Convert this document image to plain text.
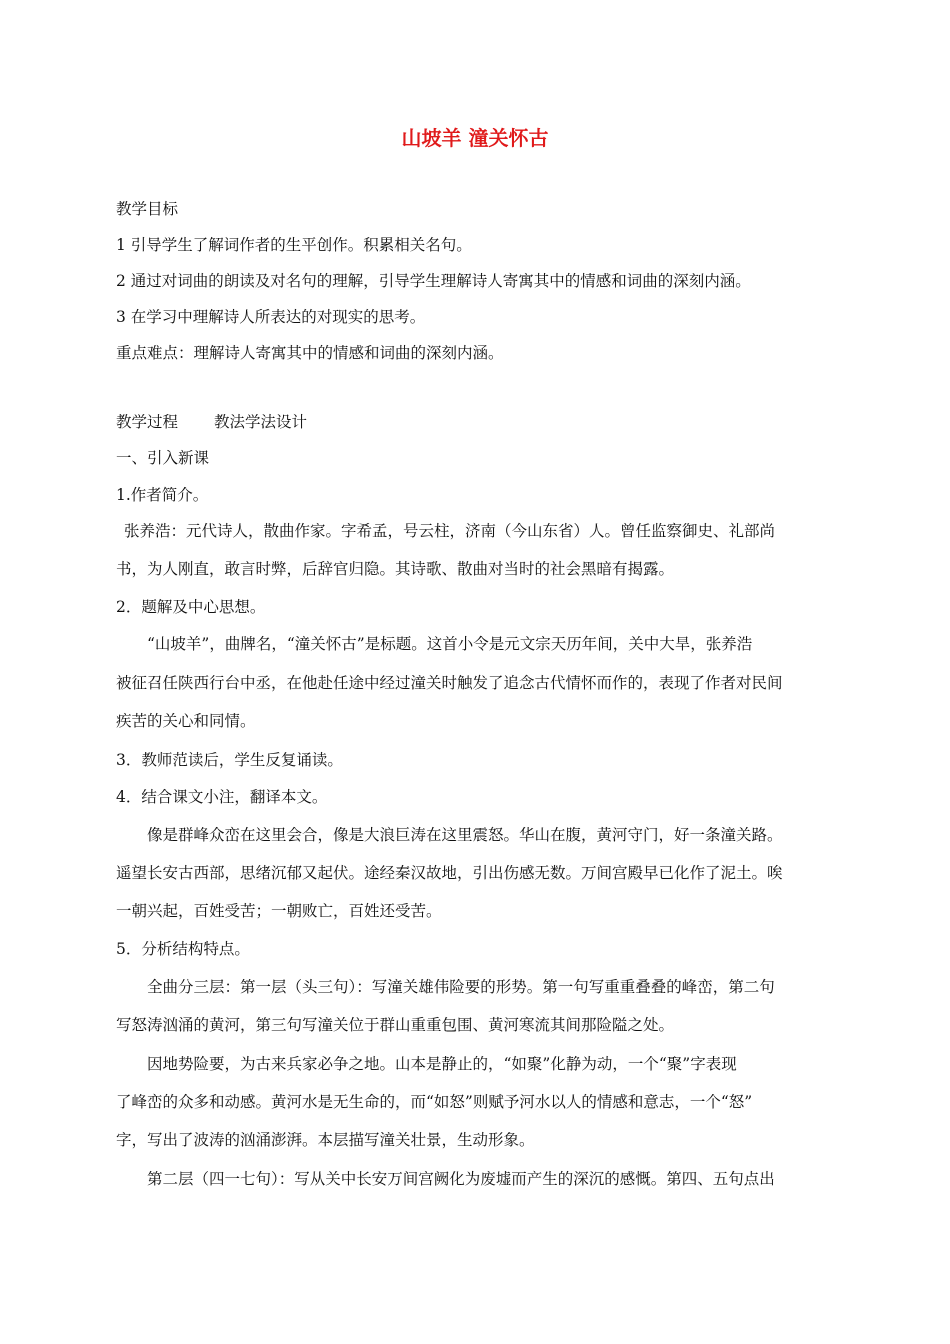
山坡羊 潼关怀古

教学目标

1 引导学生了解词作者的生平创作。积累相关名句。

2 通过对词曲的朗读及对名句的理解，引导学生理解诗人寄寓其中的情感和词曲的深刻内涵。

3 在学习中理解诗人所表达的对现实的思考。

重点难点：理解诗人寄寓其中的情感和词曲的深刻内涵。

教学过程 教法学法设计

一、引入新课

1.作者简介。

张养浩：元代诗人，散曲作家。字希孟，号云柱，济南（今山东省）人。曾任监察御史、礼部尚

书，为人刚直，敢言时弊，后辞官归隐。其诗歌、散曲对当时的社会黑暗有揭露。

2．题解及中心思想。

“山坡羊”，曲牌名，“潼关怀古”是标题。这首小令是元文宗天历年间，关中大旱，张养浩

被征召任陕西行台中丞，在他赴任途中经过潼关时触发了追念古代情怀而作的，表现了作者对民间

疾苦的关心和同情。

3．教师范读后，学生反复诵读。

4．结合课文小注，翻译本文。

像是群峰众峦在这里会合，像是大浪巨涛在这里震怒。华山在腹，黄河守门，好一条潼关路。

遥望长安古西部，思绪沉郁又起伏。途经秦汉故地，引出伤感无数。万间宫殿早已化作了泥土。唉

一朝兴起，百姓受苦；一朝败亡，百姓还受苦。

5．分析结构特点。

全曲分三层：第一层（头三句）：写潼关雄伟险要的形势。第一句写重重叠叠的峰峦，第二句

写怒涛汹涌的黄河，第三句写潼关位于群山重重包围、黄河寒流其间那险隘之处。

因地势险要，为古来兵家必争之地。山本是静止的，“如聚”化静为动，一个“聚”字表现

了峰峦的众多和动感。黄河水是无生命的，而“如怒”则赋予河水以人的情感和意志，一个“怒”

字，写出了波涛的汹涌澎湃。本层描写潼关壮景，生动形象。

第二层（四一七句）：写从关中长安万间宫阙化为废墟而产生的深沉的感慨。第四、五句点出
